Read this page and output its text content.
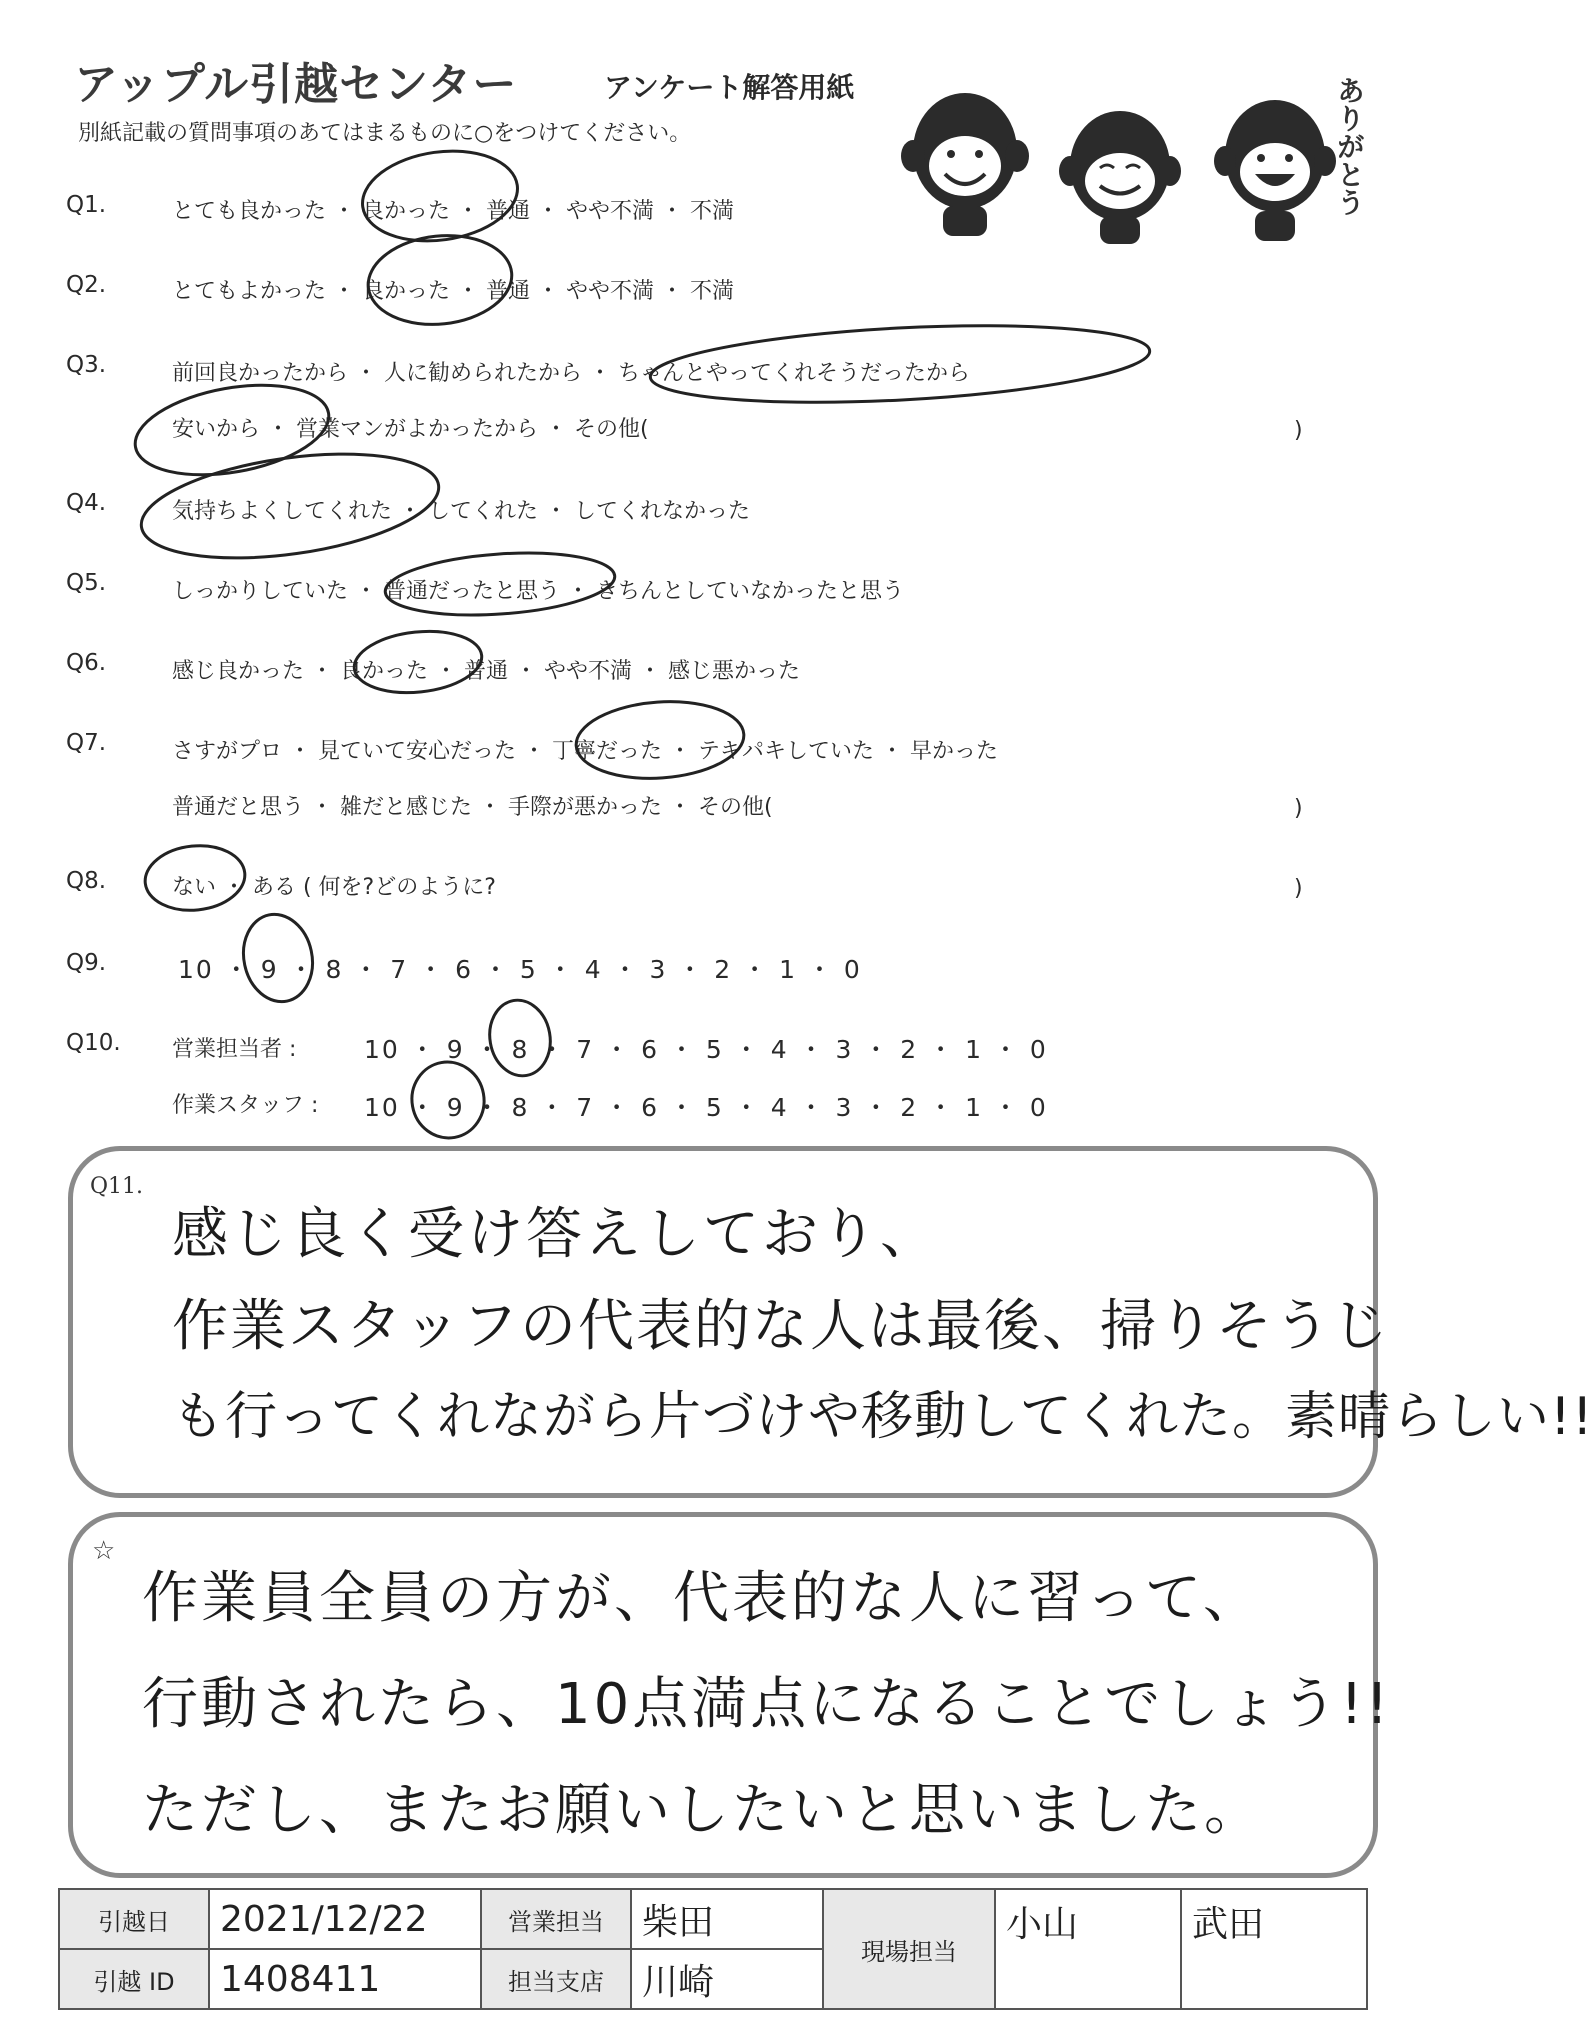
アップル引越センター	アンケート解答用紙
別紙記載の質問事項のあてはまるものに○をつけてください。	ありがとう
Q1.	とても良かった ・ 良かった ・ 普通 ・ やや不満 ・ 不満
Q2.	とてもよかった ・ 良かった ・ 普通 ・ やや不満 ・ 不満
Q3.	前回良かったから ・ 人に勧められたから ・ ちゃんとやってくれそうだったから
安いから ・ 営業マンがよかったから ・ その他(	)
Q4.	気持ちよくしてくれた ・ してくれた ・ してくれなかった
Q5.	しっかりしていた ・ 普通だったと思う ・ きちんとしていなかったと思う
Q6.	感じ良かった ・ 良かった ・ 普通 ・ やや不満 ・ 感じ悪かった
Q7.	さすがプロ ・ 見ていて安心だった ・ 丁寧だった ・ テキパキしていた ・ 早かった
普通だと思う ・ 雑だと感じた ・ 手際が悪かった ・ その他(	)
Q8.	ない ・ ある ( 何を?どのように?	)
Q9.	10 ・ 9 ・ 8 ・ 7 ・ 6 ・ 5 ・ 4 ・ 3 ・ 2 ・ 1 ・ 0
Q10. 営業担当者 :	10 ・ 9 ・ 8 ・ 7 ・ 6 ・ 5 ・ 4 ・ 3 ・ 2 ・ 1 ・ 0
作業スタッフ : 10 ・ 9 ・ 8 ・ 7 ・ 6 ・ 5 ・ 4 ・ 3 ・ 2 ・ 1 ・ 0
Q11.
感じ良く受け答えしており、
作業スタッフの代表的な人は最後、掃りそうじ
も行ってくれながら片づけや移動してくれた。素晴らしい!!
☆
作業員全員の方が、代表的な人に習って、
行動されたら、10点満点になることでしょう!!
ただし、またお願いしたいと思いました。
引越日	2021/12/22	営業担当	柴田	現場担当	小山	武田
引越 ID	1408411	担当支店	川崎			
